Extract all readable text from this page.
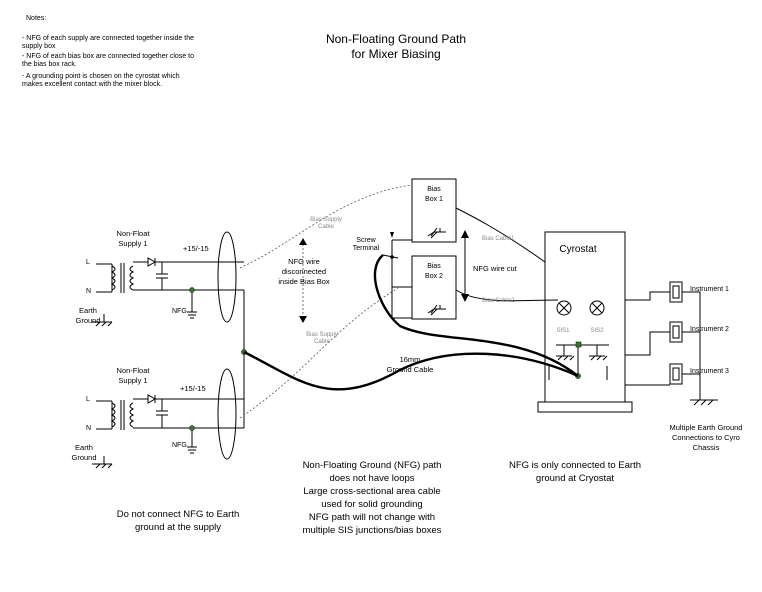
Notes:
- NFG of each supply are connected together inside the
supply box
- NFG of each bias box are connected together close to
the bias box rack.
- A grounding point is chosen on the cyrostat which
makes excellent contact with the mixer block.
Non-Floating Ground Path
for Mixer Biasing
Non-Float
Supply 1
+15/-15
L
N
Earth
Ground
NFG
Non-Float
Supply 1
+15/-15
L
N
Earth
Ground
NFG
Bias Supply
Cable
Bias Supply
Cable
NFG wire
disconnected
inside Bias Box
Bias
Box 1
Bias
Box 2
Screw
Terminal
NFG wire cut
Bias Cable1
Bias Cable2
Cyrostat
SIS1	SIS2
16mm
Ground Cable
Instrument 1
Instrument 2
Instrument 3
Multiple Earth Ground
Connections to Cyro
Chassis
Do not connect NFG to Earth
ground at the supply
Non-Floating Ground (NFG) path
does not have loops
Large cross-sectional area cable
used for solid grounding
NFG path will not change with
multiple SIS junctions/bias boxes
NFG is only connected to Earth
ground at Cryostat
